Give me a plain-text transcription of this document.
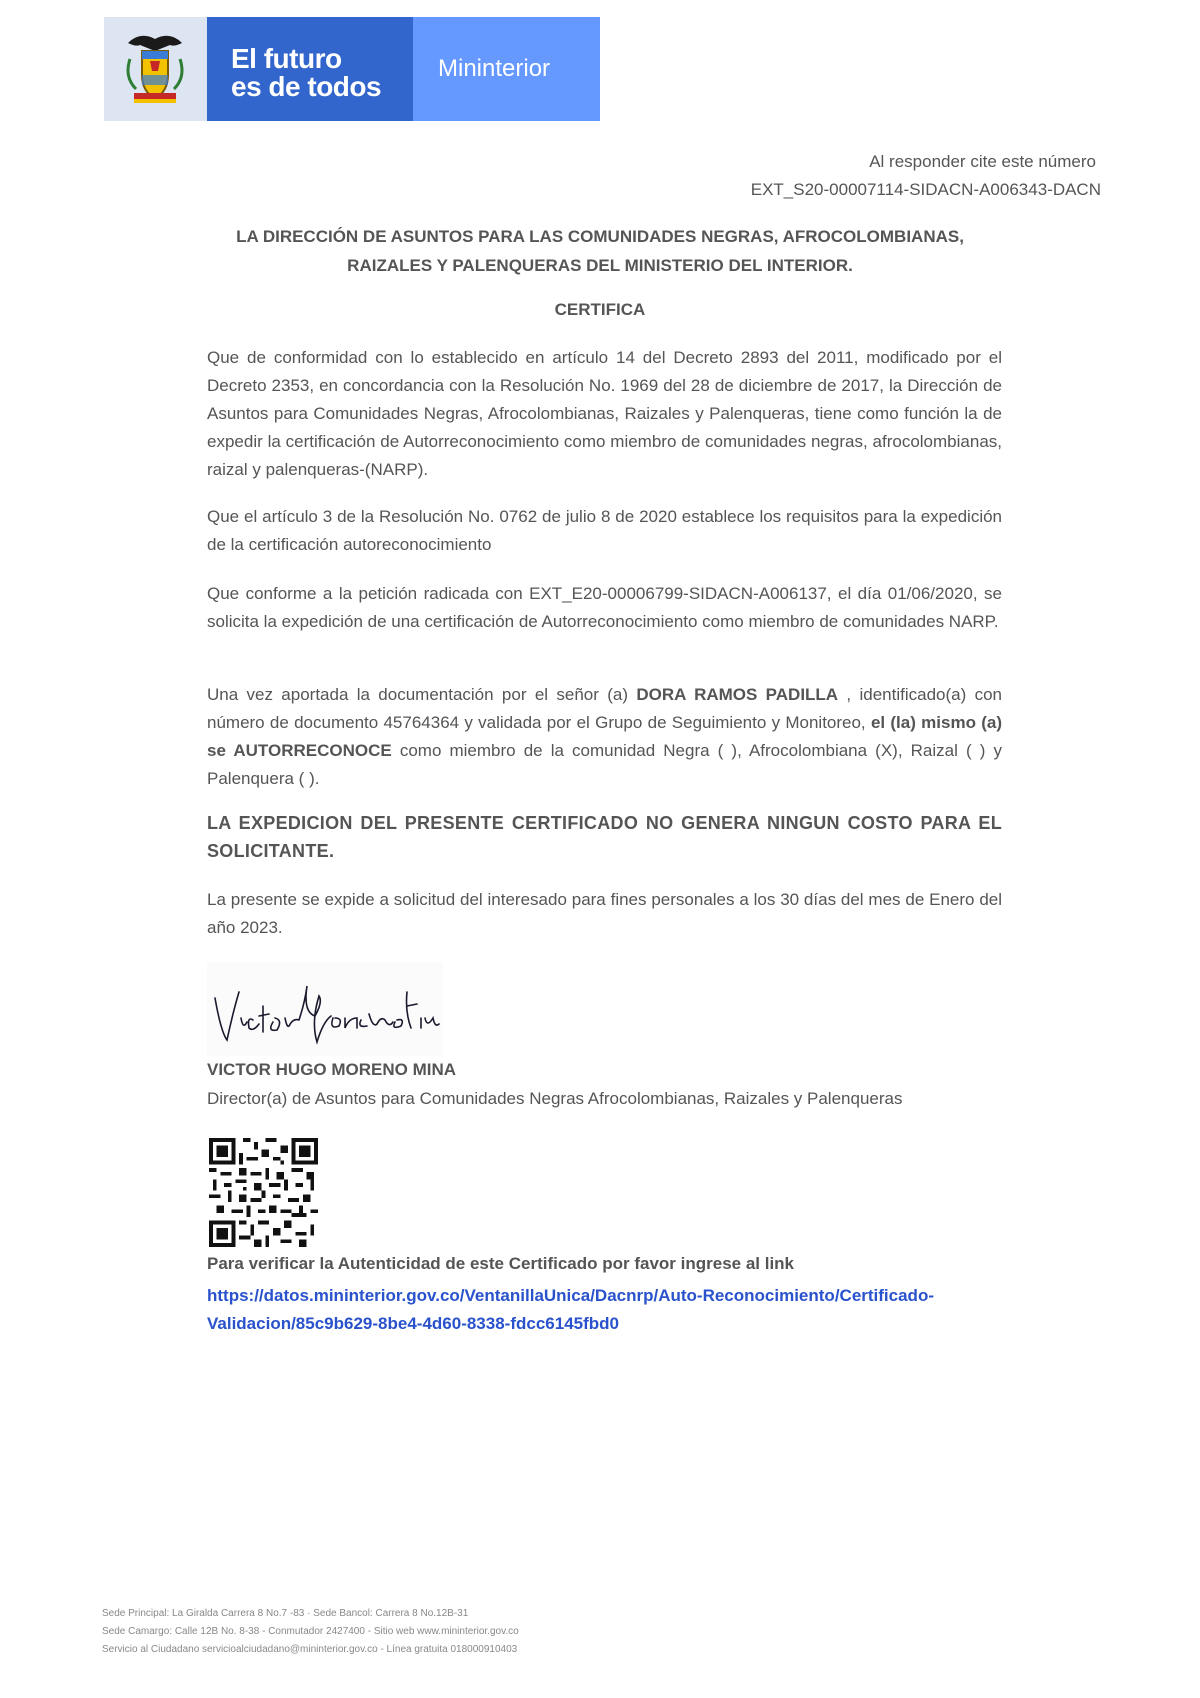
El futuro
es de todos
Mininterior
Al responder cite este número
EXT_S20-00007114-SIDACN-A006343-DACN
LA DIRECCIÓN DE ASUNTOS PARA LAS COMUNIDADES NEGRAS, AFROCOLOMBIANAS,
RAIZALES Y PALENQUERAS DEL MINISTERIO DEL INTERIOR.
CERTIFICA

Que de conformidad con lo establecido en artículo 14 del Decreto 2893 del 2011, modificado por el Decreto 2353, en concordancia con la Resolución No. 1969 del 28 de diciembre de 2017, la Dirección de Asuntos para Comunidades Negras, Afrocolombianas, Raizales y Palenqueras, tiene como función la de expedir la certificación de Autorreconocimiento como miembro de comunidades negras, afrocolombianas, raizal y palenqueras-(NARP).

Que el artículo 3 de la Resolución No. 0762 de julio 8 de 2020 establece los requisitos para la expedición de la certificación autoreconocimiento

Que conforme a la petición radicada con EXT_E20-00006799-SIDACN-A006137, el día 01/06/2020, se solicita la expedición de una certificación de Autorreconocimiento como miembro de comunidades NARP.

Una vez aportada la documentación por el señor (a) DORA RAMOS PADILLA , identificado(a) con número de documento 45764364 y validada por el Grupo de Seguimiento y Monitoreo, el (la) mismo (a) se AUTORRECONOCE como miembro de la comunidad Negra ( ), Afrocolombiana (X), Raizal ( ) y Palenquera ( ).

LA EXPEDICION DEL PRESENTE CERTIFICADO NO GENERA NINGUN COSTO PARA EL SOLICITANTE.

La presente se expide a solicitud del interesado para fines personales a los 30 días del mes de Enero del año 2023.

VICTOR HUGO MORENO MINA
Director(a) de Asuntos para Comunidades Negras Afrocolombianas, Raizales y Palenqueras
Para verificar la Autenticidad de este Certificado por favor ingrese al link
https://datos.mininterior.gov.co/VentanillaUnica/Dacnrp/Auto-Reconocimiento/Certificado-Validacion/85c9b629-8be4-4d60-8338-fdcc6145fbd0
Sede Principal: La Giralda Carrera 8 No.7 -83 · Sede Bancol: Carrera 8 No.12B-31
Sede Camargo: Calle 12B No. 8-38 - Conmutador 2427400 - Sitio web www.mininterior.gov.co
Servicio al Ciudadano servicioalciudadano@mininterior.gov.co - Línea gratuita 018000910403
